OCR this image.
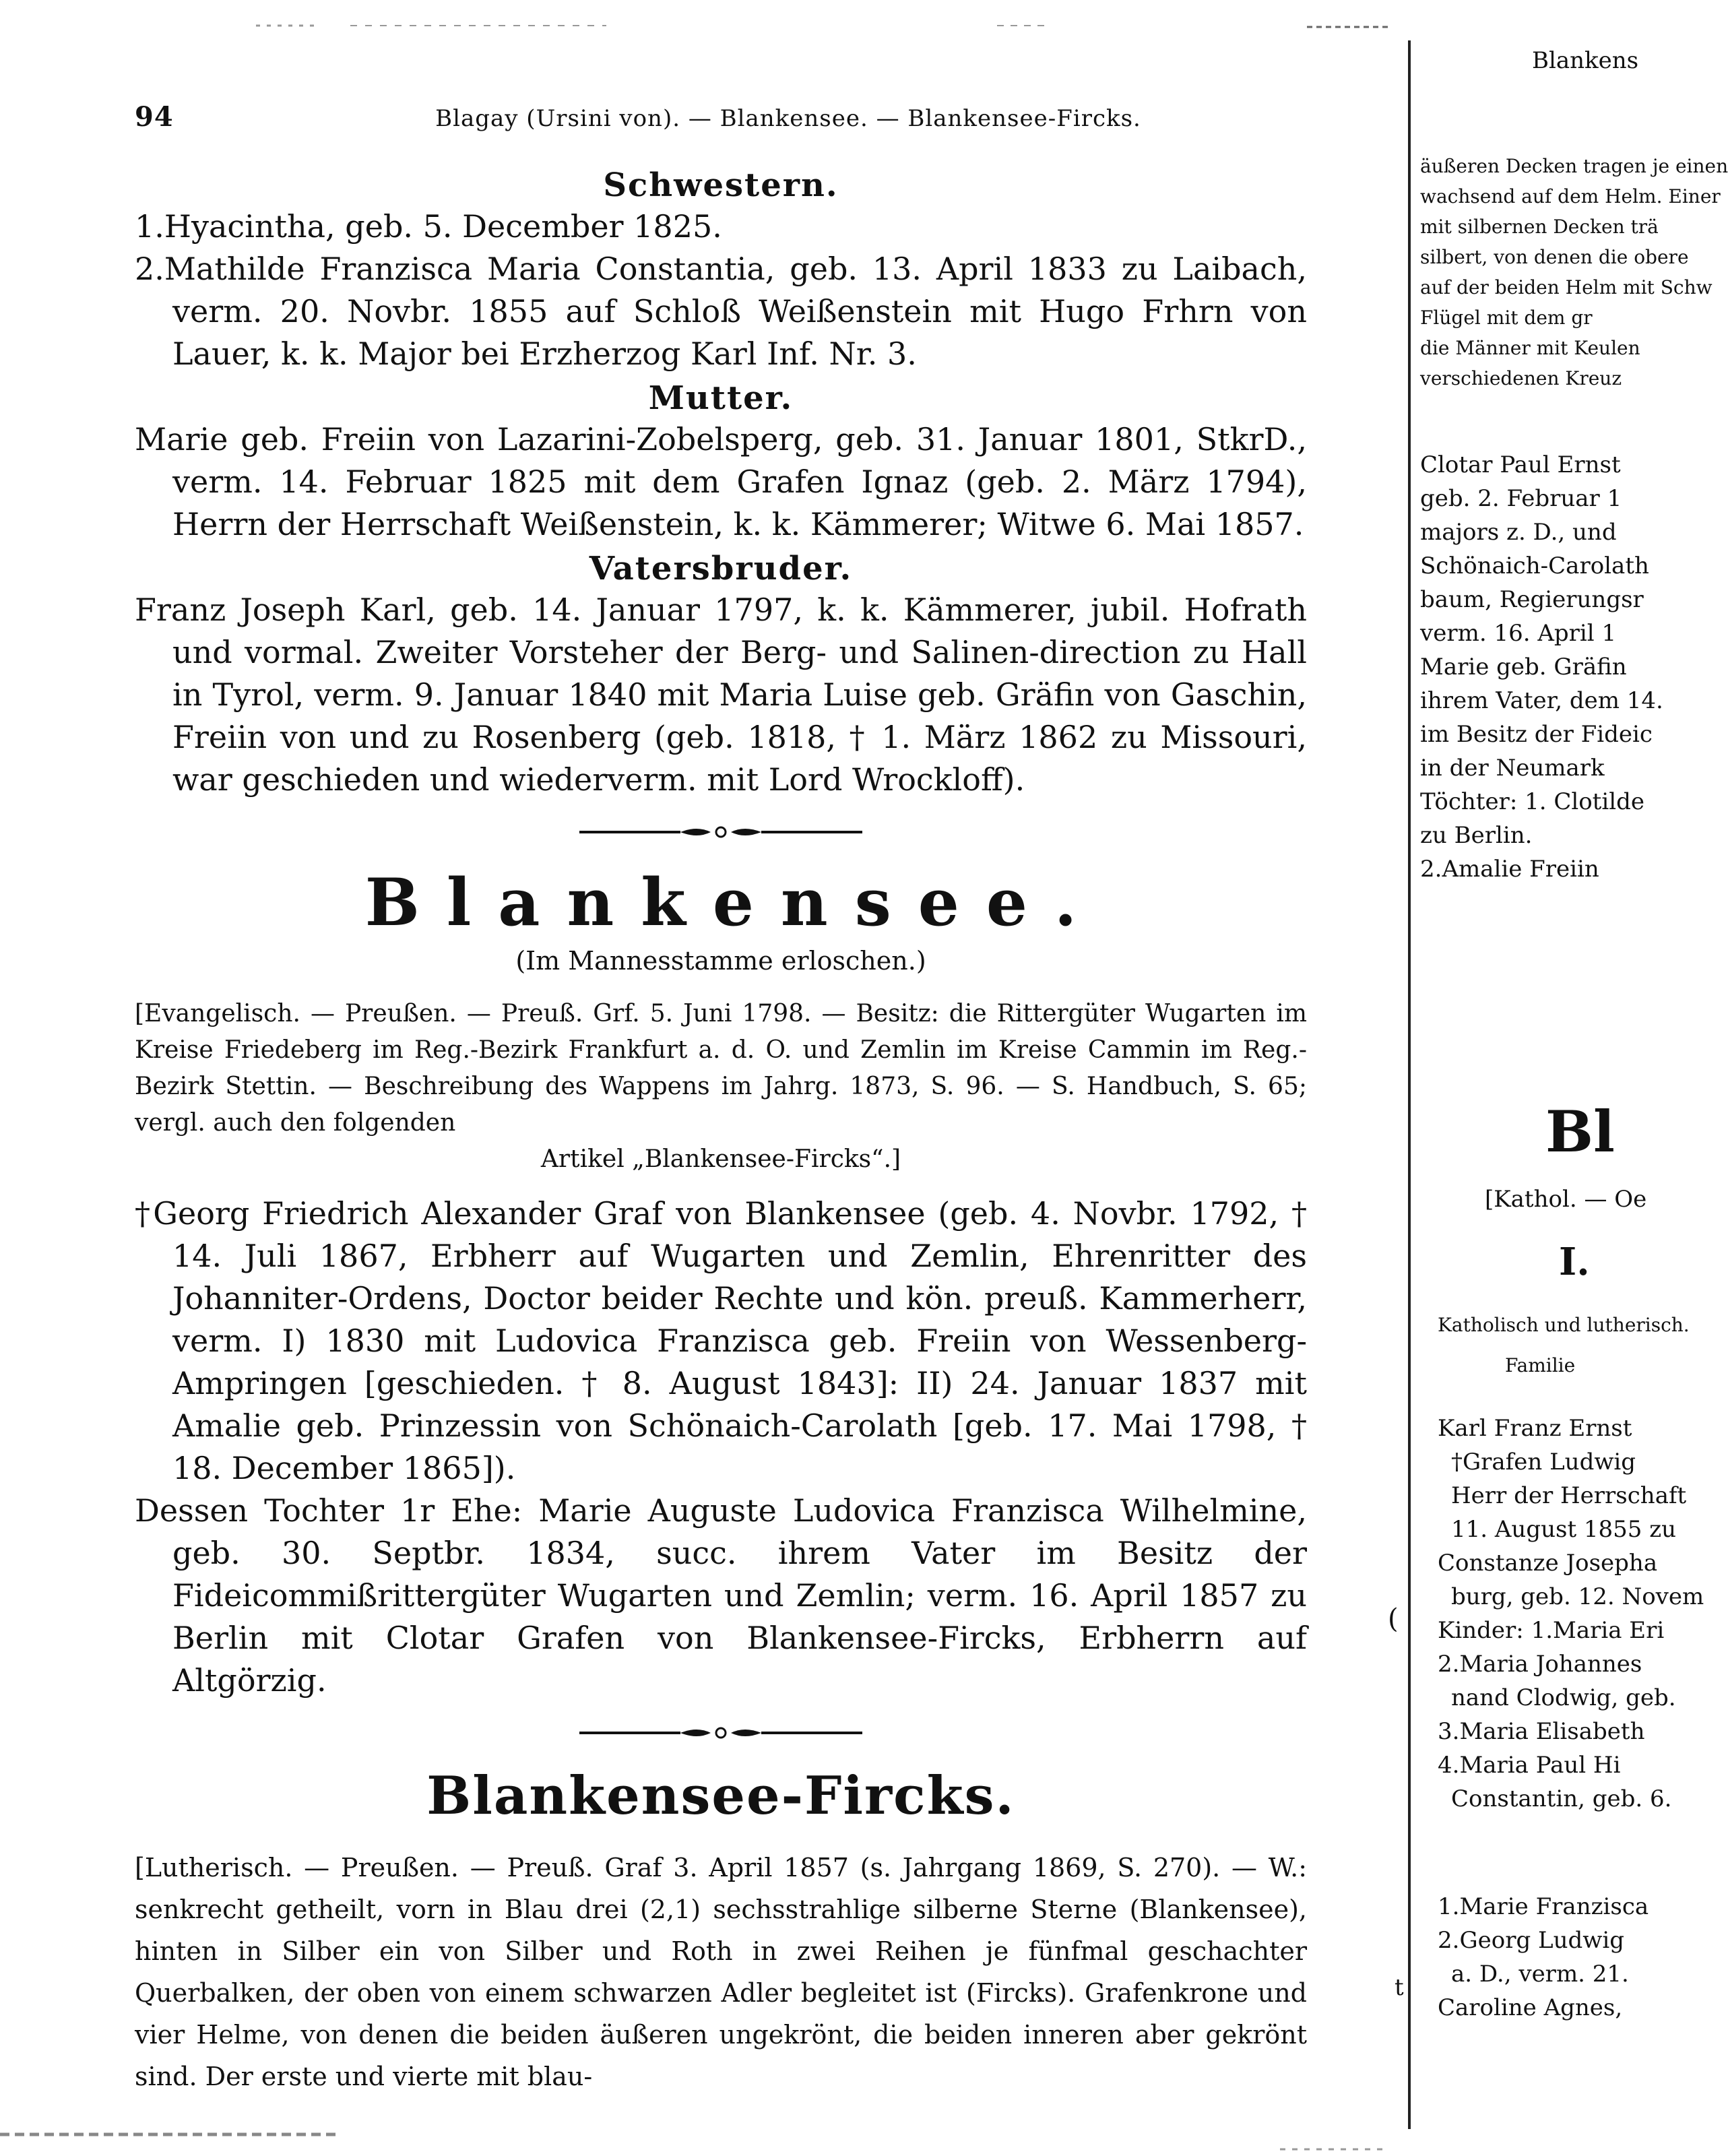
94	Blagay (Ursini von). — Blankensee. — Blankensee-Fircks.
Schwestern.

1.Hyacintha, geb. 5. December 1825.

2.Mathilde Franzisca Maria Constantia, geb. 13. April 1833 zu Laibach, verm. 20. Novbr. 1855 auf Schloß Weißenstein mit Hugo Frhrn von Lauer, k. k. Major bei Erzherzog Karl Inf. Nr. 3.

Mutter.

Marie geb. Freiin von Lazarini-Zobelsperg, geb. 31. Januar 1801, StkrD., verm. 14. Februar 1825 mit dem Grafen Ignaz (geb. 2. März 1794), Herrn der Herrschaft Weißenstein, k. k. Kämmerer; Witwe 6. Mai 1857.

Vatersbruder.

Franz Joseph Karl, geb. 14. Januar 1797, k. k. Kämmerer, jubil. Hofrath und vormal. Zweiter Vorsteher der Berg- und Salinen-direction zu Hall in Tyrol, verm. 9. Januar 1840 mit Maria Luise geb. Gräfin von Gaschin, Freiin von und zu Rosenberg (geb. 1818, † 1. März 1862 zu Missouri, war geschieden und wiederverm. mit Lord Wrockloff).

Blankensee.
(Im Mannesstamme erloschen.)

[Evangelisch. — Preußen. — Preuß. Grf. 5. Juni 1798. — Besitz: die Rittergüter Wugarten im Kreise Friedeberg im Reg.-Bezirk Frankfurt a. d. O. und Zemlin im Kreise Cammin im Reg.-Bezirk Stettin. — Beschreibung des Wappens im Jahrg. 1873, S. 96. — S. Handbuch, S. 65; vergl. auch den folgenden

Artikel „Blankensee-Fircks“.]

†Georg Friedrich Alexander Graf von Blankensee (geb. 4. Novbr. 1792, † 14. Juli 1867, Erbherr auf Wugarten und Zemlin, Ehrenritter des Johanniter-Ordens, Doctor beider Rechte und kön. preuß. Kammerherr, verm. I) 1830 mit Ludovica Franzisca geb. Freiin von Wessenberg-Ampringen [geschieden. † 8. August 1843]: II) 24. Januar 1837 mit Amalie geb. Prinzessin von Schönaich-Carolath [geb. 17. Mai 1798, † 18. December 1865]).

Dessen Tochter 1r Ehe: Marie Auguste Ludovica Franzisca Wilhelmine, geb. 30. Septbr. 1834, succ. ihrem Vater im Besitz der Fideicommißrittergüter Wugarten und Zemlin; verm. 16. April 1857 zu Berlin mit Clotar Grafen von Blankensee-Fircks, Erbherrn auf Altgörzig.

Blankensee-Fircks.

[Lutherisch. — Preußen. — Preuß. Graf 3. April 1857 (s. Jahrgang 1869, S. 270). — W.: senkrecht getheilt, vorn in Blau drei (2,1) sechsstrahlige silberne Sterne (Blankensee), hinten in Silber ein von Silber und Roth in zwei Reihen je fünfmal geschachter Querbalken, der oben von einem schwarzen Adler begleitet ist (Fircks). Grafenkrone und vier Helme, von denen die beiden äußeren ungekrönt, die beiden inneren aber gekrönt sind. Der erste und vierte mit blau-

Blankens
äußeren Decken tragen je einen
wachsend auf dem Helm. Einer
mit silbernen Decken trä
silbert, von denen die obere
auf der beiden Helm mit Schw
Flügel mit dem gr
die Männer mit Keulen
verschiedenen Kreuz
Clotar Paul Ernst
geb. 2. Februar 1
majors z. D., und
Schönaich-Carolath
baum, Regierungsr
verm. 16. April 1
Marie geb. Gräfin
ihrem Vater, dem 14.
im Besitz der Fideic
in der Neumark
Töchter: 1. Clotilde
zu Berlin.
2.Amalie Freiin
Bl
[Kathol. — Oe
I.
Katholisch und lutherisch.
Familie
Karl Franz Ernst
†Grafen Ludwig
Herr der Herrschaft
11. August 1855 zu
Constanze Josepha
burg, geb. 12. Novem
Kinder: 1.Maria Eri
2.Maria Johannes
nand Clodwig, geb.
3.Maria Elisabeth
4.Maria Paul Hi
Constantin, geb. 6.
1.Marie Franzisca
2.Georg Ludwig
a. D., verm. 21.
Caroline Agnes,
(
t
